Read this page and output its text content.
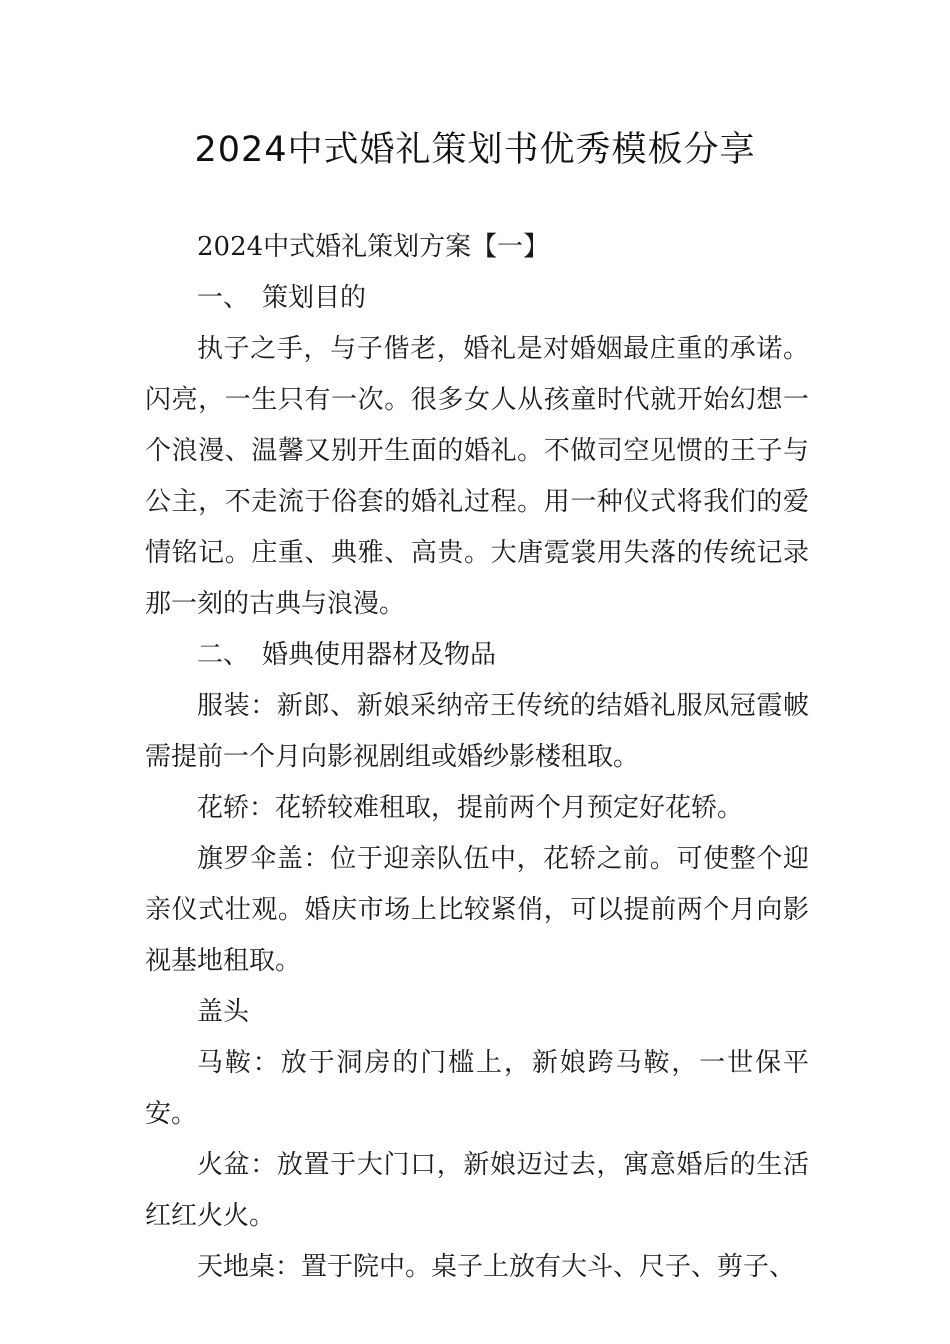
2024中式婚礼策划书优秀模板分享

2024中式婚礼策划方案【一】

一、　策划目的

执子之手，与子偕老，婚礼是对婚姻最庄重的承诺。闪亮，一生只有一次。很多女人从孩童时代就开始幻想一个浪漫、温馨又别开生面的婚礼。不做司空见惯的王子与公主，不走流于俗套的婚礼过程。用一种仪式将我们的爱情铭记。庄重、典雅、高贵。大唐霓裳用失落的传统记录那一刻的古典与浪漫。

二、　婚典使用器材及物品

服装：新郎、新娘采纳帝王传统的结婚礼服凤冠霞帔需提前一个月向影视剧组或婚纱影楼租取。

花轿：花轿较难租取，提前两个月预定好花轿。

旗罗伞盖：位于迎亲队伍中，花轿之前。可使整个迎亲仪式壮观。婚庆市场上比较紧俏，可以提前两个月向影视基地租取。

盖头

马鞍：放于洞房的门槛上，新娘跨马鞍，一世保平安。

火盆：放置于大门口，新娘迈过去，寓意婚后的生活红红火火。

天地桌：置于院中。桌子上放有大斗、尺子、剪子、
